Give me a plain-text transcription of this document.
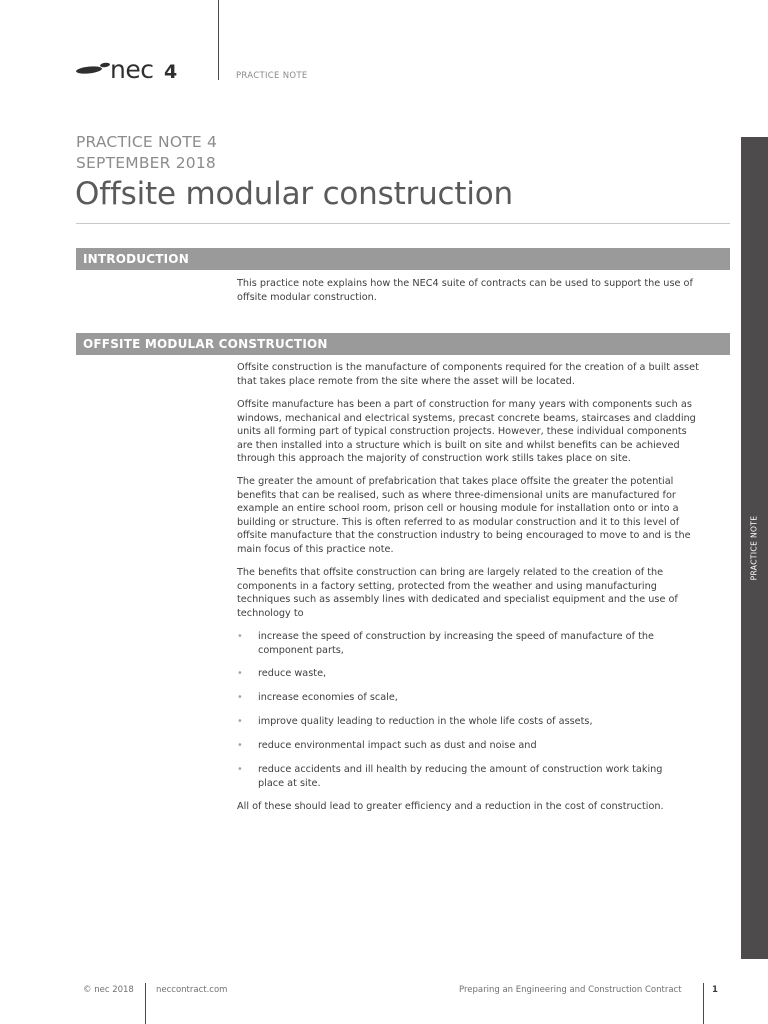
nec 4	PRACTICE NOTE
PRACTICE NOTE
PRACTICE NOTE 4
SEPTEMBER 2018
Offsite modular construction
INTRODUCTION

This practice note explains how the NEC4 suite of contracts can be used to support the use of offsite modular construction.

OFFSITE MODULAR CONSTRUCTION

Offsite construction is the manufacture of components required for the creation of a built asset that takes place remote from the site where the asset will be located.

Offsite manufacture has been a part of construction for many years with components such as windows, mechanical and electrical systems, precast concrete beams, staircases and cladding units all forming part of typical construction projects. However, these individual components are then installed into a structure which is built on site and whilst benefits can be achieved through this approach the majority of construction work stills takes place on site.

The greater the amount of prefabrication that takes place offsite the greater the potential benefits that can be realised, such as where three-dimensional units are manufactured for example an entire school room, prison cell or housing module for installation onto or into a building or structure. This is often referred to as modular construction and it to this level of offsite manufacture that the construction industry to being encouraged to move to and is the main focus of this practice note.

The benefits that offsite construction can bring are largely related to the creation of the components in a factory setting, protected from the weather and using manufacturing techniques such as assembly lines with dedicated and specialist equipment and the use of technology to

• increase the speed of construction by increasing the speed of manufacture of the component parts,
• reduce waste,
• increase economies of scale,
• improve quality leading to reduction in the whole life costs of assets,
• reduce environmental impact such as dust and noise and
• reduce accidents and ill health by reducing the amount of construction work taking place at site.

All of these should lead to greater efficiency and a reduction in the cost of construction.

© nec 2018	neccontract.com	Preparing an Engineering and Construction Contract	1
